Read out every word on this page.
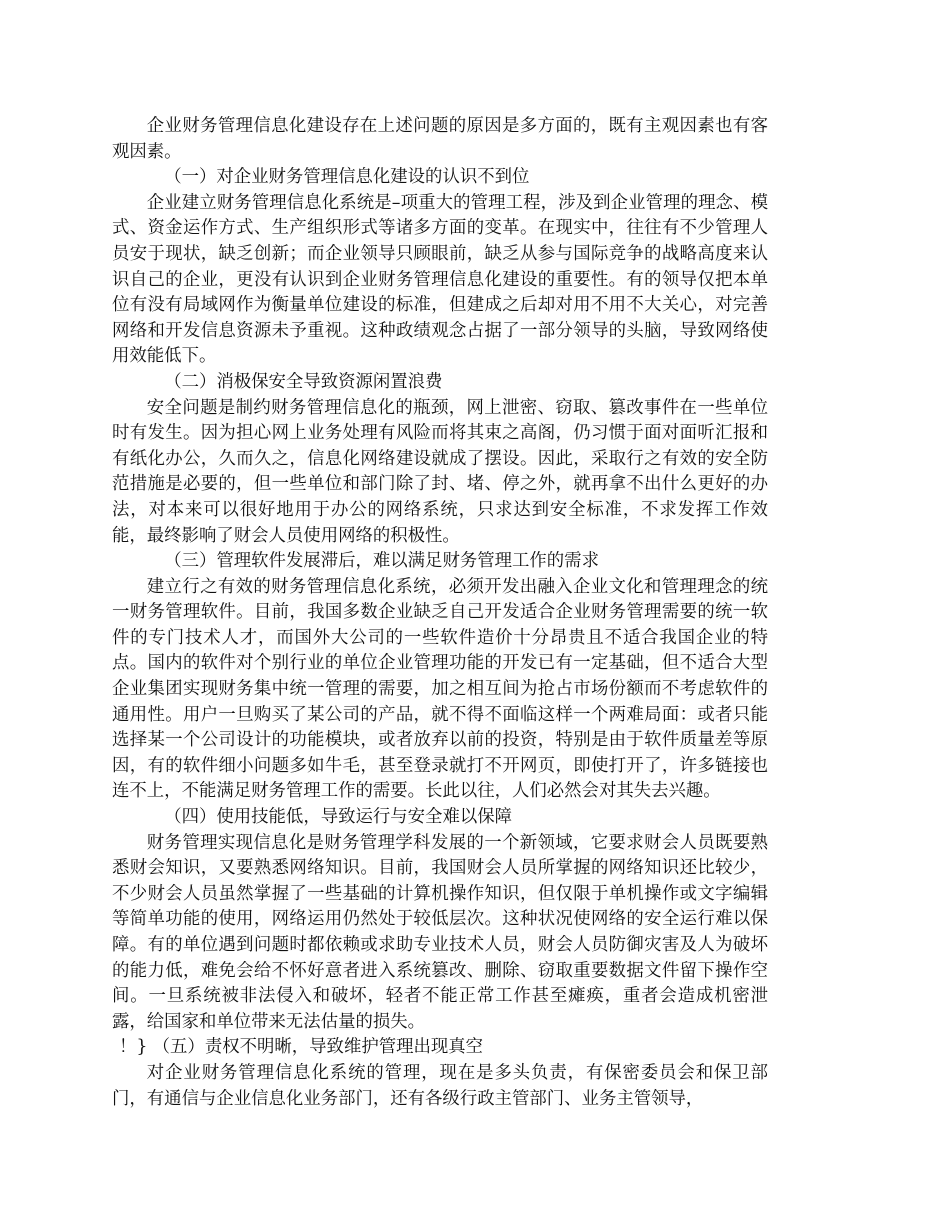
企业财务管理信息化建设存在上述问题的原因是多方面的，既有主观因素也有客观因素。

（一）对企业财务管理信息化建设的认识不到位

企业建立财务管理信息化系统是–项重大的管理工程，涉及到企业管理的理念、模式、资金运作方式、生产组织形式等诸多方面的变革。在现实中，往往有不少管理人员安于现状，缺乏创新；而企业领导只顾眼前，缺乏从参与国际竞争的战略高度来认识自己的企业，更没有认识到企业财务管理信息化建设的重要性。有的领导仅把本单位有没有局域网作为衡量单位建设的标准，但建成之后却对用不用不大关心，对完善网络和开发信息资源未予重视。这种政绩观念占据了一部分领导的头脑，导致网络使用效能低下。

（二）消极保安全导致资源闲置浪费

安全问题是制约财务管理信息化的瓶颈，网上泄密、窃取、篡改事件在一些单位时有发生。因为担心网上业务处理有风险而将其束之高阁，仍习惯于面对面听汇报和有纸化办公，久而久之，信息化网络建设就成了摆设。因此，采取行之有效的安全防范措施是必要的，但一些单位和部门除了封、堵、停之外，就再拿不出什么更好的办法，对本来可以很好地用于办公的网络系统，只求达到安全标准，不求发挥工作效能，最终影响了财会人员使用网络的积极性。

（三）管理软件发展滞后，难以满足财务管理工作的需求

建立行之有效的财务管理信息化系统，必须开发出融入企业文化和管理理念的统一财务管理软件。目前，我国多数企业缺乏自己开发适合企业财务管理需要的统一软件的专门技术人才，而国外大公司的一些软件造价十分昂贵且不适合我国企业的特点。国内的软件对个别行业的单位企业管理功能的开发已有一定基础，但不适合大型企业集团实现财务集中统一管理的需要，加之相互间为抢占市场份额而不考虑软件的通用性。用户一旦购买了某公司的产品，就不得不面临这样一个两难局面：或者只能选择某一个公司设计的功能模块，或者放弃以前的投资，特别是由于软件质量差等原因，有的软件细小问题多如牛毛，甚至登录就打不开网页，即使打开了，许多链接也连不上，不能满足财务管理工作的需要。长此以往，人们必然会对其失去兴趣。

（四）使用技能低，导致运行与安全难以保障

财务管理实现信息化是财务管理学科发展的一个新领域，它要求财会人员既要熟悉财会知识，又要熟悉网络知识。目前，我国财会人员所掌握的网络知识还比较少，不少财会人员虽然掌握了一些基础的计算机操作知识，但仅限于单机操作或文字编辑等简单功能的使用，网络运用仍然处于较低层次。这种状况使网络的安全运行难以保障。有的单位遇到问题时都依赖或求助专业技术人员，财会人员防御灾害及人为破坏的能力低，难免会给不怀好意者进入系统篡改、删除、窃取重要数据文件留下操作空间。一旦系统被非法侵入和破坏，轻者不能正常工作甚至瘫痪，重者会造成机密泄露，给国家和单位带来无法估量的损失。

！} （五）责权不明晰，导致维护管理出现真空

对企业财务管理信息化系统的管理，现在是多头负责，有保密委员会和保卫部门，有通信与企业信息化业务部门，还有各级行政主管部门、业务主管领导，
